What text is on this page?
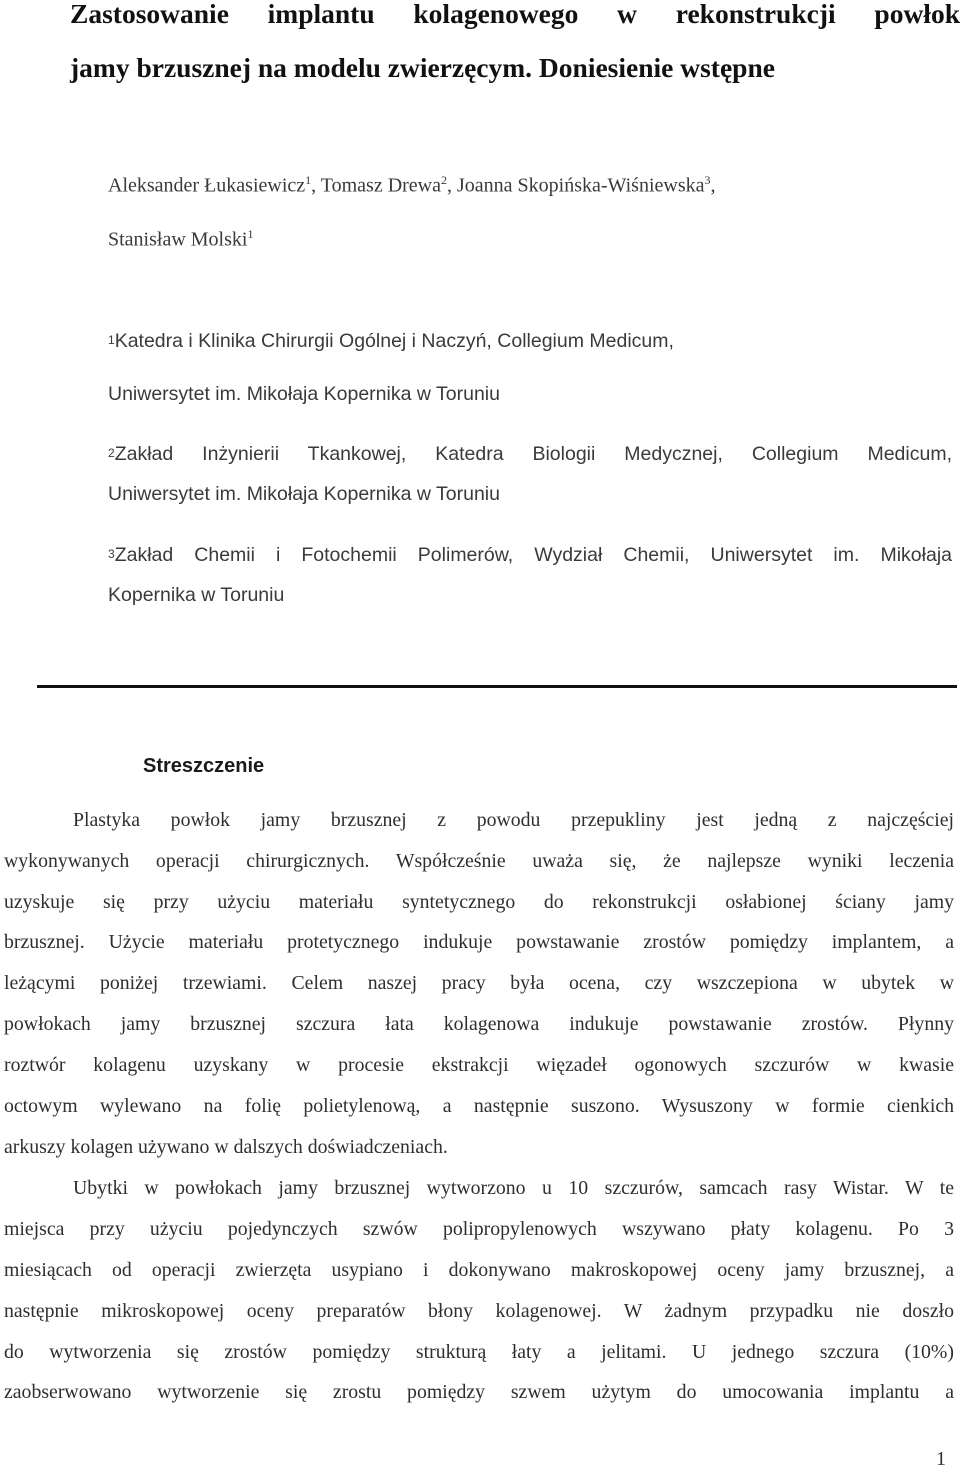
Zastosowanie implantu kolagenowego w rekonstrukcji powłok
jamy brzusznej na modelu zwierzęcym. Doniesienie wstępne
Aleksander Łukasiewicz$^1$, Tomasz Drewa$^2$, Joanna Skopińska-Wiśniewska$^3$,
Stanisław Molski$^1$
$^1$Katedra i Klinika Chirurgii Ogólnej i Naczyń, Collegium Medicum,
Uniwersytet im. Mikołaja Kopernika w Toruniu
$^2$Zakład Inżynierii Tkankowej, Katedra Biologii Medycznej, Collegium Medicum,
Uniwersytet im. Mikołaja Kopernika w Toruniu
$^3$Zakład Chemii i Fotochemii Polimerów, Wydział Chemii, Uniwersytet im. Mikołaja
Kopernika w Toruniu
Streszczenie
Plastyka powłok jamy brzusznej z powodu przepukliny jest jedną z najczęściej
wykonywanych operacji chirurgicznych. Współcześnie uważa się, że najlepsze wyniki leczenia
uzyskuje się przy użyciu materiału syntetycznego do rekonstrukcji osłabionej ściany jamy
brzusznej. Użycie materiału protetycznego indukuje powstawanie zrostów pomiędzy implantem, a
leżącymi poniżej trzewiami. Celem naszej pracy była ocena, czy wszczepiona w ubytek w
powłokach jamy brzusznej szczura łata kolagenowa indukuje powstawanie zrostów. Płynny
roztwór kolagenu uzyskany w procesie ekstrakcji więzadeł ogonowych szczurów w kwasie
octowym wylewano na folię polietylenową, a następnie suszono. Wysuszony w formie cienkich
arkuszy kolagen używano w dalszych doświadczeniach.
Ubytki w powłokach jamy brzusznej wytworzono u 10 szczurów, samcach rasy Wistar. W te
miejsca przy użyciu pojedynczych szwów polipropylenowych wszywano płaty kolagenu. Po 3
miesiącach od operacji zwierzęta usypiano i dokonywano makroskopowej oceny jamy brzusznej, a
następnie mikroskopowej oceny preparatów błony kolagenowej. W żadnym przypadku nie doszło
do wytworzenia się zrostów pomiędzy strukturą łaty a jelitami. U jednego szczura (10%)
zaobserwowano wytworzenie się zrostu pomiędzy szwem użytym do umocowania implantu a
1
